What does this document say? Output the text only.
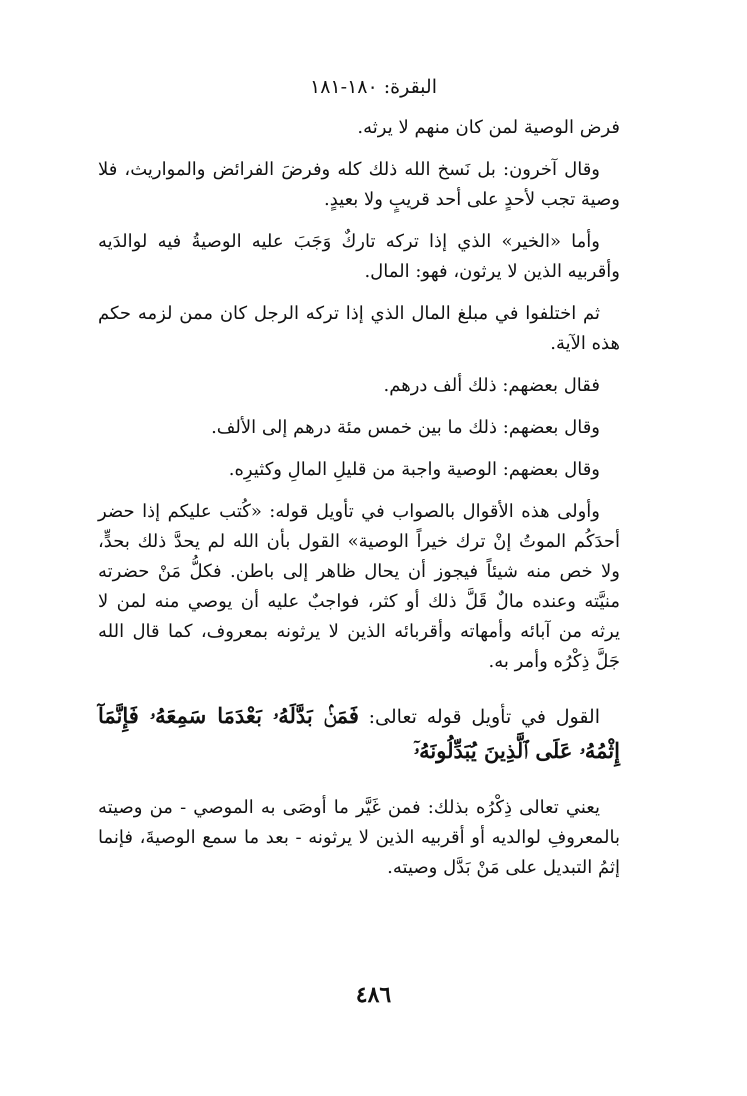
البقرة: ١٨٠-١٨١

فرض الوصية لمن كان منهم لا يرثه.

وقال آخرون: بل نَسخ الله ذلك كله وفرضَ الفرائض والمواريث، فلا وصية تجب لأحدٍ على أحد قريبٍ ولا بعيدٍ.

وأما «الخير» الذي إذا تركه تاركٌ وَجَبَ عليه الوصيةُ فيه لوالدَيه وأقربيه الذين لا يرثون، فهو: المال.

ثم اختلفوا في مبلغ المال الذي إذا تركه الرجل كان ممن لزمه حكم هذه الآية.

فقال بعضهم: ذلك ألف درهم.

وقال بعضهم: ذلك ما بين خمس مئة درهم إلى الألف.

وقال بعضهم: الوصية واجبة من قليلِ المالِ وكثيرِه.

وأولى هذه الأقوال بالصواب في تأويل قوله: «كُتب عليكم إذا حضر أحدَكُم الموتُ إنْ ترك خيراً الوصية» القول بأن الله لم يحدَّ ذلك بحدٍّ، ولا خص منه شيئاً فيجوز أن يحال ظاهر إلى باطن. فكلُّ مَنْ حضرته منيَّته وعنده مالٌ قَلَّ ذلك أو كثر، فواجبٌ عليه أن يوصي منه لمن لا يرثه من آبائه وأمهاته وأقربائه الذين لا يرثونه بمعروف، كما قال الله جَلَّ ذِكْرُه وأمر به.

القول في تأويل قوله تعالى: فَمَنۢ بَدَّلَهُۥ بَعْدَمَا سَمِعَهُۥ فَإِنَّمَآ إِثْمُهُۥ عَلَى ٱلَّذِينَ يُبَدِّلُونَهُۥٓ

يعني تعالى ذِكْرُه بذلك: فمن غَيَّر ما أوصَى به الموصي - من وصيته بالمعروفِ لوالديه أو أقربيه الذين لا يرثونه - بعد ما سمع الوصيةَ، فإنما إثمُ التبديل على مَنْ بَدَّل وصيته.

٤٨٦
